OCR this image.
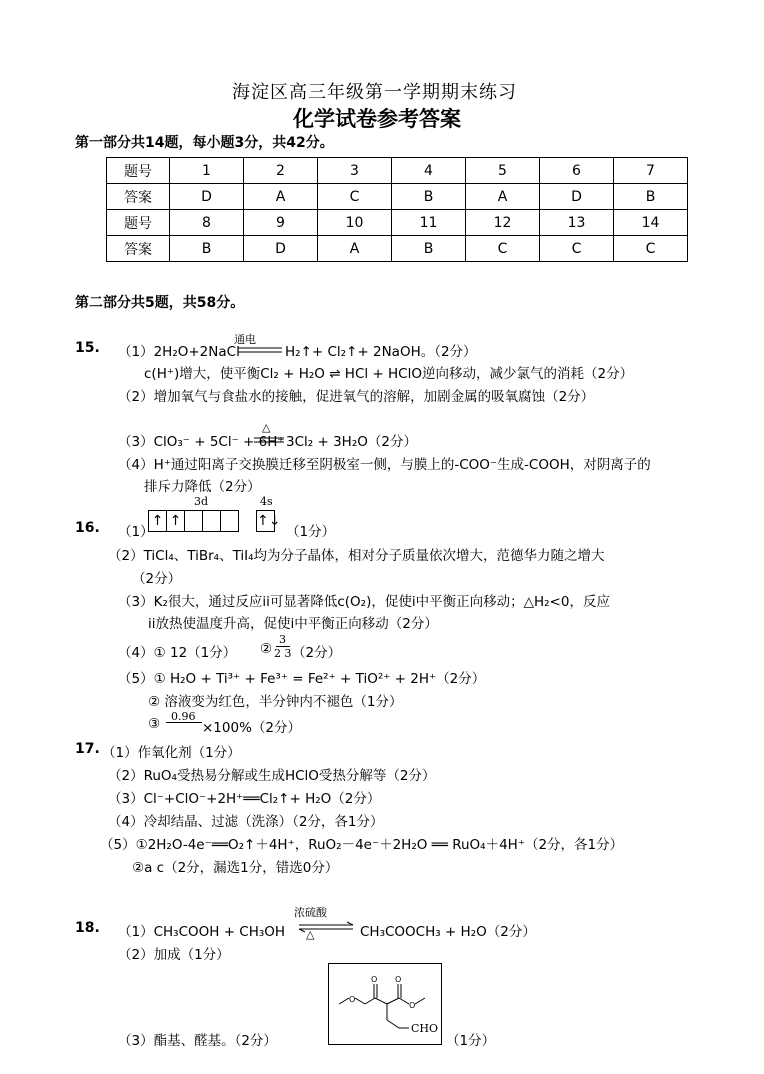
海淀区高三年级第一学期期末练习
化学试卷参考答案
第一部分共14题，每小题3分，共42分。
题号	1	2	3	4	5	6	7
答案	D	A	C	B	A	D	B
题号	8	9	10	11	12	13	14
答案	B	D	A	B	C	C	C
第二部分共5题，共58分。
15. （1）2H₂O+2NaCl
通电
H₂↑+ Cl₂↑+ 2NaOH。（2分）
c(H⁺)增大，使平衡Cl₂ + H₂O ⇌ HCl + HClO逆向移动，减少氯气的消耗（2分）
（2）增加氧气与食盐水的接触，促进氧气的溶解，加剧金属的吸氧腐蚀（2分）
（3）ClO₃⁻ + 5Cl⁻ + 6H⁺
△
3Cl₂ + 3H₂O（2分）
（4）H⁺通过阳离子交换膜迁移至阴极室一侧，与膜上的-COO⁻生成-COOH，对阴离子的
排斥力降低（2分）
3d	4s
16. （1）
↑ ↑	↑↓
（1分）
（2）TiCl₄、TiBr₄、TiI₄均为分子晶体，相对分子质量依次增大，范德华力随之增大
（2分）
（3）K₂很大，通过反应ii可显著降低c(O₂)，促使i中平衡正向移动；△H₂<0，反应
ii放热使温度升高，促使i中平衡正向移动（2分）
（4）① 12（1分） ②
3
2 3 （2分）
（5）① H₂O + Ti³⁺ + Fe³⁺ = Fe²⁺ + TiO²⁺ + 2H⁺（2分）
② 溶液变为红色，半分钟内不褪色（1分）
③ 0.96
×100%（2分）
17. （1）作氧化剂（1分）
（2）RuO₄受热易分解或生成HClO受热分解等（2分）
（3）Cl⁻+ClO⁻+2H⁺══Cl₂↑+ H₂O（2分）
（4）冷却结晶、过滤（洗涤）（2分，各1分）
（5）①2H₂O-4e⁻══O₂↑＋4H⁺，RuO₂－4e⁻＋2H₂O ══ RuO₄＋4H⁺（2分，各1分）
②a c（2分，漏选1分，错选0分）
浓硫酸
18. （1）CH₃COOH + CH₃OH ⇌
△	CH₃COOCH₃ + H₂O（2分）
（2）加成（1分）
O
O O
O
CHO
（3）酯基、醛基。（2分）	（1分）
